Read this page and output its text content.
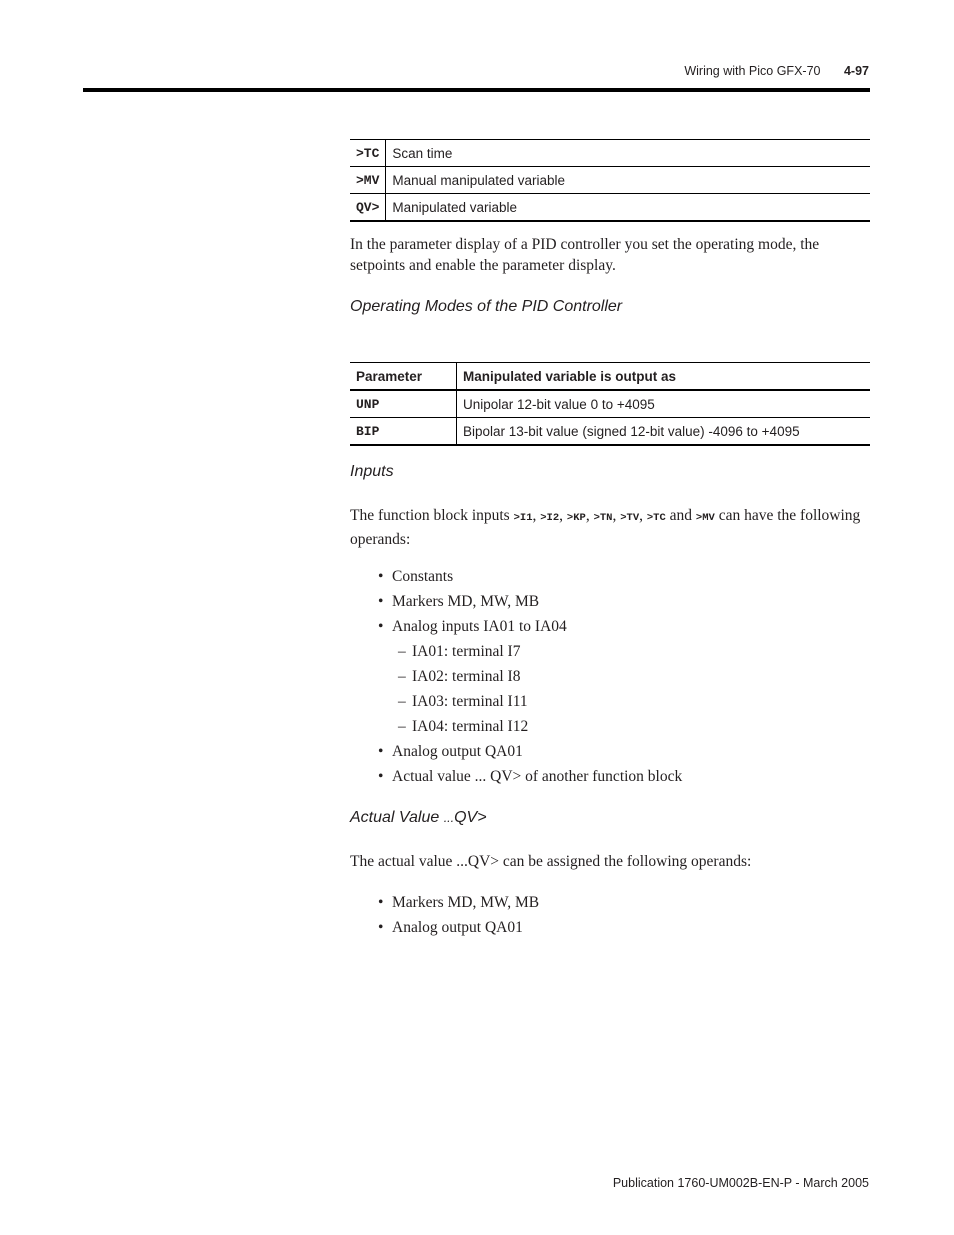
Wiring with Pico GFX-70 4-97
>TC	Scan time
>MV	Manual manipulated variable
QV>	Manipulated variable

In the parameter display of a PID controller you set the operating mode, the setpoints and enable the parameter display.

Operating Modes of the PID Controller
Parameter	Manipulated variable is output as
UNP	Unipolar 12-bit value 0 to +4095
BIP	Bipolar 13-bit value (signed 12-bit value) -4096 to +4095
Inputs

The function block inputs >I1, >I2, >KP, >TN, >TV, >TC and >MV can have the following operands:

• Constants
• Markers MD, MW, MB
• Analog inputs IA01 to IA04
– IA01: terminal I7
– IA02: terminal I8
– IA03: terminal I11
– IA04: terminal I12
• Analog output QA01
• Actual value ... QV> of another function block
Actual Value ...QV>

The actual value ...QV> can be assigned the following operands:

• Markers MD, MW, MB
• Analog output QA01
Publication 1760-UM002B-EN-P - March 2005
